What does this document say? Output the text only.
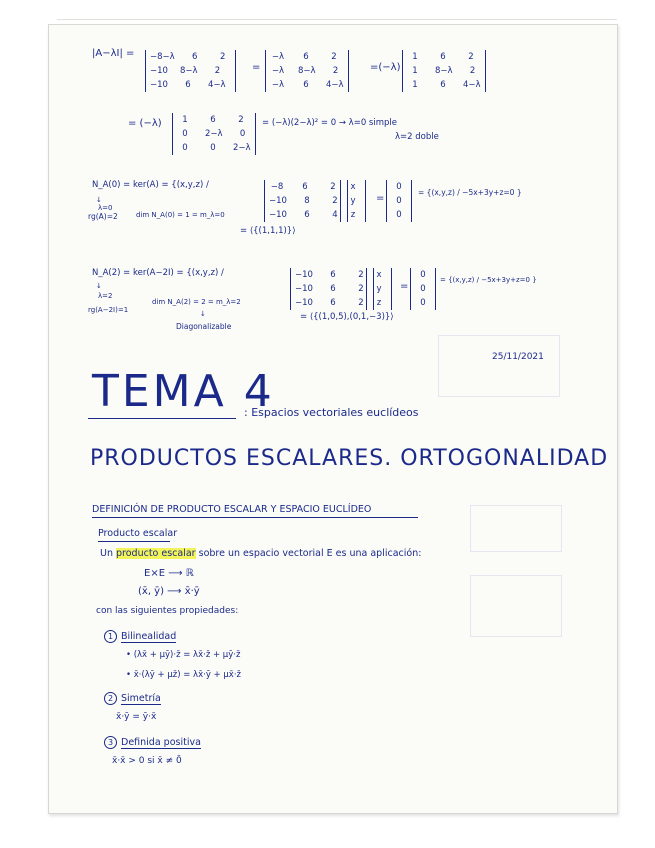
|A−λI| = −8−λ	6	2
−10 8−λ	2
−10	6	4−λ
=
−λ	6	2
−λ 8−λ	2
−λ	6	4−λ
=(−λ)
1	6	2
1	8−λ	2
1	6	4−λ
= (−λ)	1	6	2
0	2−λ	0
0	0	2−λ
= (−λ)(2−λ)² = 0 → λ=0 simple
λ=2 doble
N_A(0) = ker(A) = {(x,y,z) /
↓
λ=0
rg(A)=2	dim N_A(0) = 1 = m_λ=0
−8	6	2
−10	8	2
−10	6	4
x
y
z
=
0
0
0
= {(x,y,z) / −5x+3y+z=0 }
= ⟨{(1,1,1)}⟩
N_A(2) = ker(A−2I) = {(x,y,z) /
↓
λ=2
rg(A−2I)=1
dim N_A(2) = 2 = m_λ=2
↓
Diagonalizable
−10	6	2
−10	6	2
−10	6	2
x
y
z
=
0
0
0
= {(x,y,z) / −5x+3y+z=0 }
= ⟨{(1,0,5),(0,1,−3)}⟩
25/11/2021
TEMA 4
: Espacios vectoriales euclídeos
PRODUCTOS ESCALARES. ORTOGONALIDAD
DEFINICIÓN DE PRODUCTO ESCALAR Y ESPACIO EUCLÍDEO
Producto escalar
Un producto escalar sobre un espacio vectorial E es una aplicación:
E×E ⟶ ℝ
(x̄, ȳ) ⟶ x̄·ȳ
con las siguientes propiedades:
1 Bilinealidad
• (λx̄ + μȳ)·z̄ = λx̄·z̄ + μȳ·z̄
• x̄·(λȳ + μz̄) = λx̄·ȳ + μx̄·z̄
2 Simetría
x̄·ȳ = ȳ·x̄
3 Definida positiva
x̄·x̄ > 0 si x̄ ≠ 0̄
